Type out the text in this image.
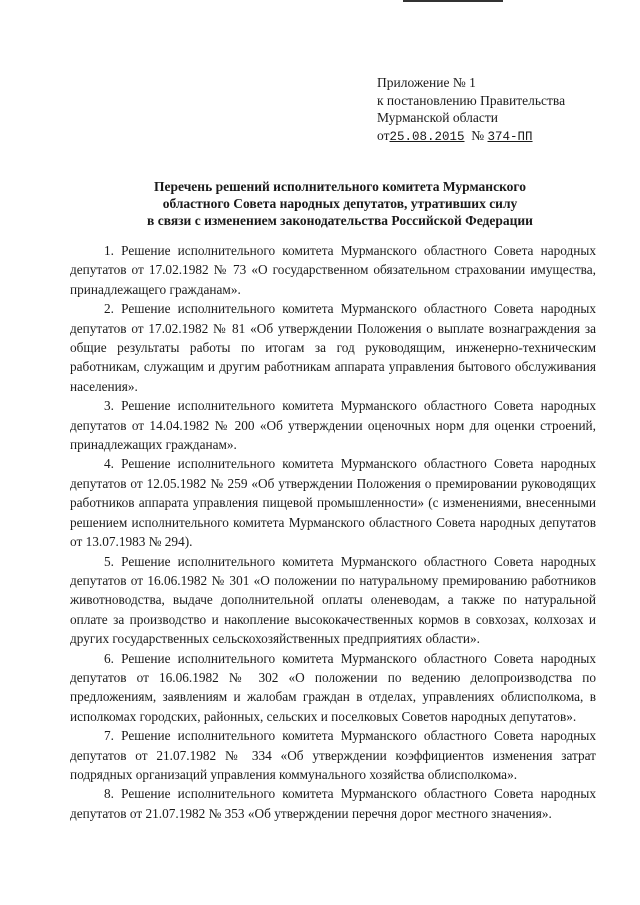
Приложение № 1
к постановлению Правительства
Мурманской области
от25.08.2015 № 374-ПП
Перечень решений исполнительного комитета Мурманского
областного Совета народных депутатов, утративших силу
в связи с изменением законодательства Российской Федерации

1. Решение исполнительного комитета Мурманского областного Совета народных депутатов от 17.02.1982 № 73 «О государственном обязательном страховании имущества, принадлежащего гражданам».

2. Решение исполнительного комитета Мурманского областного Совета народных депутатов от 17.02.1982 № 81 «Об утверждении Положения о выплате вознаграждения за общие результаты работы по итогам за год руководящим, инженерно-техническим работникам, служащим и другим работникам аппарата управления бытового обслуживания населения».

3. Решение исполнительного комитета Мурманского областного Совета народных депутатов от 14.04.1982 № 200 «Об утверждении оценочных норм для оценки строений, принадлежащих гражданам».

4. Решение исполнительного комитета Мурманского областного Совета народных депутатов от 12.05.1982 № 259 «Об утверждении Положения о премировании руководящих работников аппарата управления пищевой промышленности» (с изменениями, внесенными решением исполнительного комитета Мурманского областного Совета народных депутатов от 13.07.1983 № 294).

5. Решение исполнительного комитета Мурманского областного Совета народных депутатов от 16.06.1982 № 301 «О положении по натуральному премированию работников животноводства, выдаче дополнительной оплаты оленеводам, а также по натуральной оплате за производство и накопление высококачественных кормов в совхозах, колхозах и других государственных сельскохозяйственных предприятиях области».

6. Решение исполнительного комитета Мурманского областного Совета народных депутатов от 16.06.1982 № 302 «О положении по ведению делопроизводства по предложениям, заявлениям и жалобам граждан в отделах, управлениях облисполкома, в исполкомах городских, районных, сельских и поселковых Советов народных депутатов».

7. Решение исполнительного комитета Мурманского областного Совета народных депутатов от 21.07.1982 № 334 «Об утверждении коэффициентов изменения затрат подрядных организаций управления коммунального хозяйства облисполкома».

8. Решение исполнительного комитета Мурманского областного Совета народных депутатов от 21.07.1982 № 353 «Об утверждении перечня дорог местного значения».
